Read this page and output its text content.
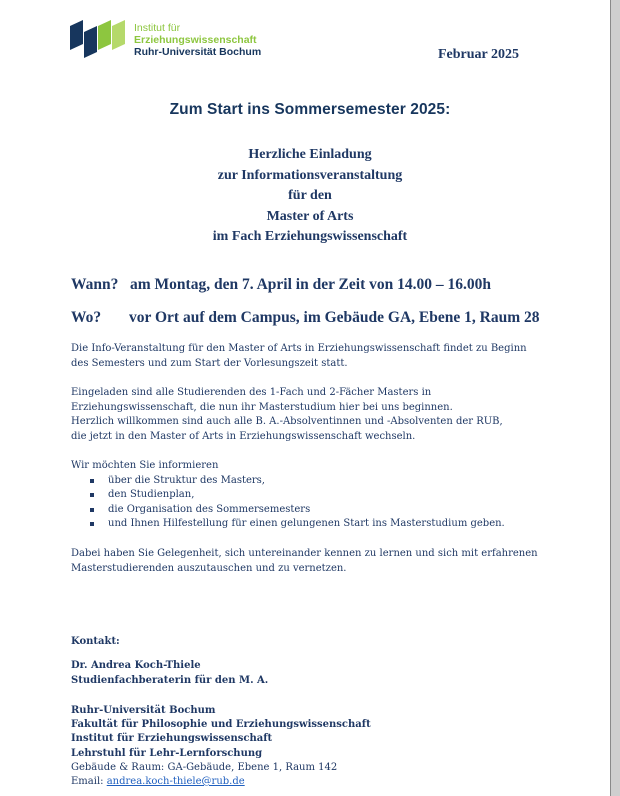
Institut für
Erziehungswissenschaft
Ruhr-Universität Bochum	Februar 2025
Zum Start ins Sommersemester 2025:
Herzliche Einladung
zur Informationsveranstaltung
für den
Master of Arts
im Fach Erziehungswissenschaft
Wann? am Montag, den 7. April in der Zeit von 14.00 – 16.00h
Wo? vor Ort auf dem Campus, im Gebäude GA, Ebene 1, Raum 28
Die Info-Veranstaltung für den Master of Arts in Erziehungswissenschaft findet zu Beginn
des Semesters und zum Start der Vorlesungszeit statt.
Eingeladen sind alle Studierenden des 1-Fach und 2-Fächer Masters in
Erziehungswissenschaft, die nun ihr Masterstudium hier bei uns beginnen.
Herzlich willkommen sind auch alle B. A.-Absolventinnen und -Absolventen der RUB,
die jetzt in den Master of Arts in Erziehungswissenschaft wechseln.
Wir möchten Sie informieren
über die Struktur des Masters,
den Studienplan,
die Organisation des Sommersemesters
und Ihnen Hilfestellung für einen gelungenen Start ins Masterstudium geben.
Dabei haben Sie Gelegenheit, sich untereinander kennen zu lernen und sich mit erfahrenen
Masterstudierenden auszutauschen und zu vernetzen.
Kontakt:
Dr. Andrea Koch-Thiele
Studienfachberaterin für den M. A.
Ruhr-Universität Bochum
Fakultät für Philosophie und Erziehungswissenschaft
Institut für Erziehungswissenschaft
Lehrstuhl für Lehr-Lernforschung
Gebäude & Raum: GA-Gebäude, Ebene 1, Raum 142
Email: andrea.koch-thiele@rub.de
